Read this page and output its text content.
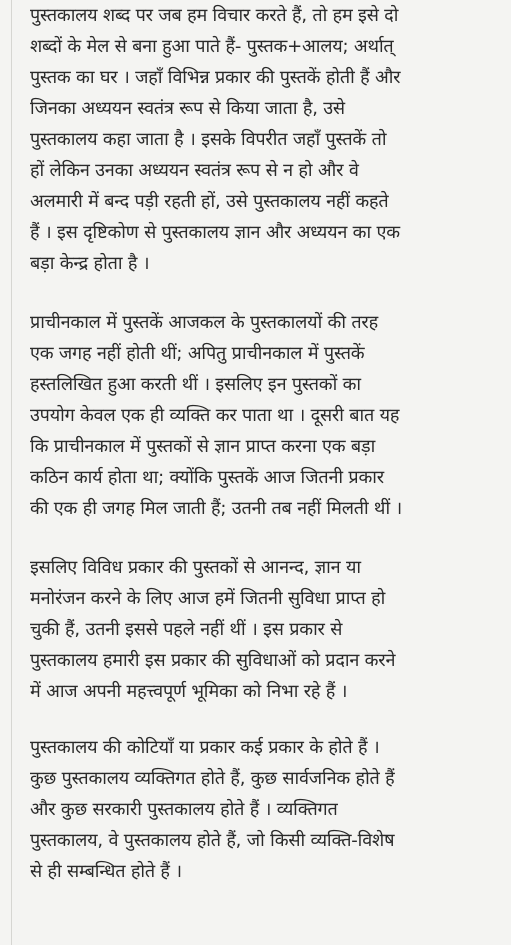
पुस्तकालय शब्द पर जब हम विचार करते हैं, तो हम इसे दो
शब्दों के मेल से बना हुआ पाते हैं- पुस्तक+आलय; अर्थात्
पुस्तक का घर । जहाँ विभिन्न प्रकार की पुस्तकें होती हैं और
जिनका अध्ययन स्वतंत्र रूप से किया जाता है, उसे
पुस्तकालय कहा जाता है । इसके विपरीत जहाँ पुस्तकें तो
हों लेकिन उनका अध्ययन स्वतंत्र रूप से न हो और वे
अलमारी में बन्द पड़ी रहती हों, उसे पुस्तकालय नहीं कहते
हैं । इस दृष्टिकोण से पुस्तकालय ज्ञान और अध्ययन का एक
बड़ा केन्द्र होता है ।
प्राचीनकाल में पुस्तकें आजकल के पुस्तकालयों की तरह
एक जगह नहीं होती थीं; अपितु प्राचीनकाल में पुस्तकें
हस्तलिखित हुआ करती थीं । इसलिए इन पुस्तकों का
उपयोग केवल एक ही व्यक्ति कर पाता था । दूसरी बात यह
कि प्राचीनकाल में पुस्तकों से ज्ञान प्राप्त करना एक बड़ा
कठिन कार्य होता था; क्योंकि पुस्तकें आज जितनी प्रकार
की एक ही जगह मिल जाती हैं; उतनी तब नहीं मिलती थीं ।
इसलिए विविध प्रकार की पुस्तकों से आनन्द, ज्ञान या
मनोरंजन करने के लिए आज हमें जितनी सुविधा प्राप्त हो
चुकी हैं, उतनी इससे पहले नहीं थीं । इस प्रकार से
पुस्तकालय हमारी इस प्रकार की सुविधाओं को प्रदान करने
में आज अपनी महत्त्वपूर्ण भूमिका को निभा रहे हैं ।
पुस्तकालय की कोटियाँ या प्रकार कई प्रकार के होते हैं ।
कुछ पुस्तकालय व्यक्तिगत होते हैं, कुछ सार्वजनिक होते हैं
और कुछ सरकारी पुस्तकालय होते हैं । व्यक्तिगत
पुस्तकालय, वे पुस्तकालय होते हैं, जो किसी व्यक्ति-विशेष
से ही सम्बन्धित होते हैं ।
